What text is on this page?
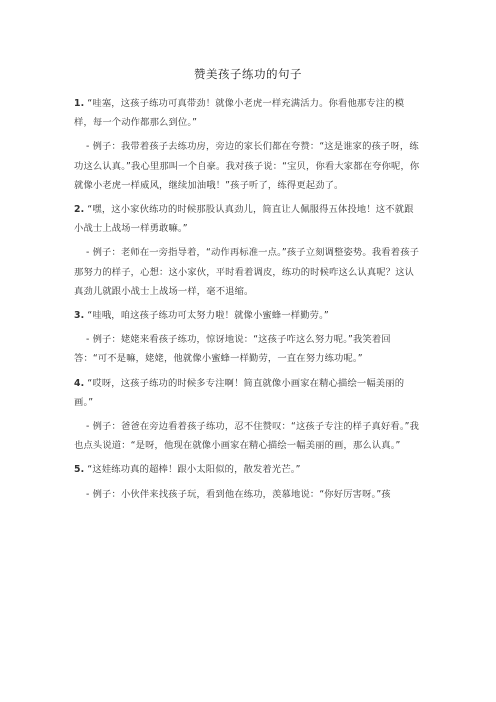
赞美孩子练功的句子

1. “哇塞，这孩子练功可真带劲！就像小老虎一样充满活力。你看他那专注的模样，每一个动作都那么到位。”

- 例子：我带着孩子去练功房，旁边的家长们都在夸赞：“这是谁家的孩子呀，练功这么认真。”我心里那叫一个自豪。我对孩子说：“宝贝，你看大家都在夸你呢，你就像小老虎一样威风，继续加油哦！”孩子听了，练得更起劲了。

2. “嘿，这小家伙练功的时候那股认真劲儿，简直让人佩服得五体投地！这不就跟小战士上战场一样勇敢嘛。”

- 例子：老师在一旁指导着，“动作再标准一点。”孩子立刻调整姿势。我看着孩子那努力的样子，心想：这小家伙，平时看着调皮，练功的时候咋这么认真呢？这认真劲儿就跟小战士上战场一样，毫不退缩。

3. “哇哦，咱这孩子练功可太努力啦！就像小蜜蜂一样勤劳。”

- 例子：姥姥来看孩子练功，惊讶地说：“这孩子咋这么努力呢。”我笑着回答：“可不是嘛，姥姥，他就像小蜜蜂一样勤劳，一直在努力练功呢。”

4. “哎呀，这孩子练功的时候多专注啊！简直就像小画家在精心描绘一幅美丽的画。”

- 例子：爸爸在旁边看着孩子练功，忍不住赞叹：“这孩子专注的样子真好看。”我也点头说道：“是呀，他现在就像小画家在精心描绘一幅美丽的画，那么认真。”

5. “这娃练功真的超棒！跟小太阳似的，散发着光芒。”

- 例子：小伙伴来找孩子玩，看到他在练功，羡慕地说：“你好厉害呀。”孩
